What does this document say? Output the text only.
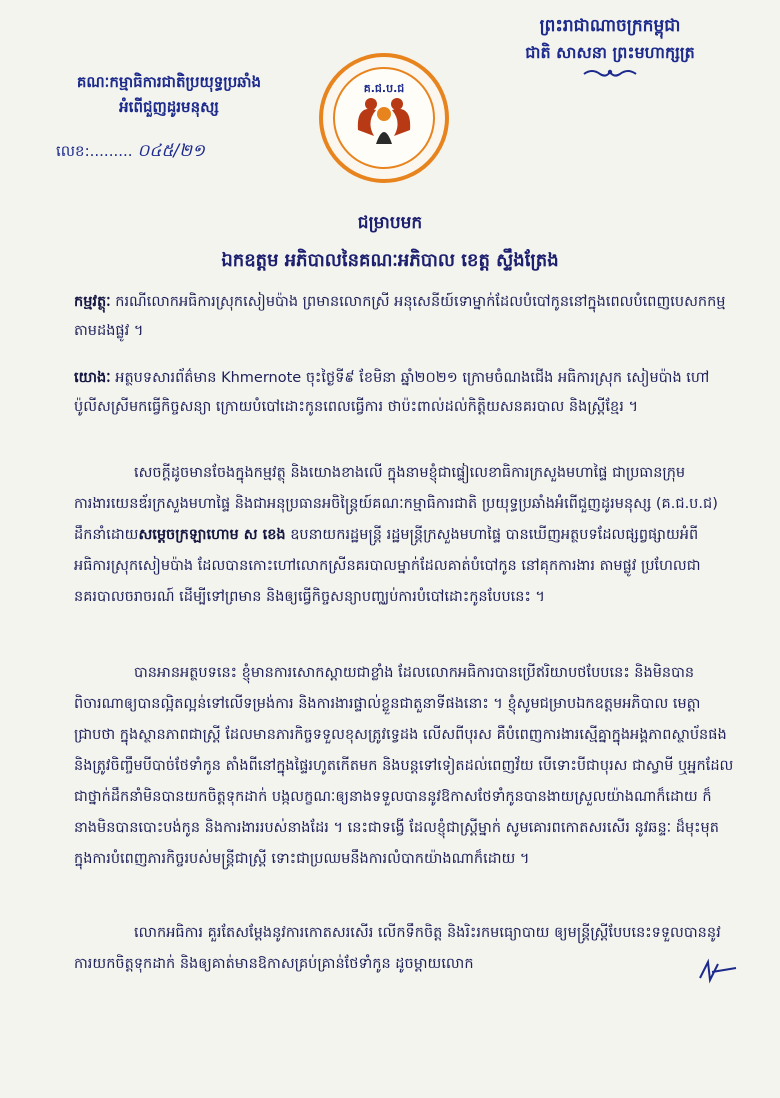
ព្រះរាជាណាចក្រកម្ពុជា
ជាតិ សាសនា ព្រះមហាក្សត្រ
គណៈកម្មាធិការជាតិប្រយុទ្ធប្រឆាំង
អំពើជួញដូរមនុស្ស
លេខ:......... ០៤៥/២១
គ.ជ.ប.ជ
ជម្រាបមក
ឯកឧត្តម អភិបាលនៃគណៈអភិបាល ខេត្ត ស្ទឹងត្រែង
កម្មវត្ថុៈ ករណីលោកអធិការស្រុកសៀមប៉ាង ព្រមានលោកស្រី អនុសេនីយ៍ទោម្នាក់ដែលបំបៅកូននៅក្នុងពេលបំពេញបេសកកម្ម តាមដងផ្លូវ ។
យោងៈ អត្ថបទសារព័ត៌មាន Khmernote ចុះថ្ងៃទី៩ ខែមិនា ឆ្នាំ២០២១ ក្រោមចំណងជើង អធិការស្រុក សៀមប៉ាង ហៅប៉ូលីសស្រីមកធ្វើកិច្ចសន្យា ក្រោយបំបៅដោះកូនពេលធ្វើការ ថាប៉ះពាល់ដល់កិត្តិយសនគរបាល និងស្ត្រីខ្មែរ ។
សេចក្តីដូចមានចែងក្នុងកម្មវត្ថុ និងយោងខាងលើ ក្នុងនាមខ្ញុំជាផ្ទៀលេខាធិការក្រសួងមហាផ្ទៃ ជាប្រធានក្រុមការងារយេនឌ័រក្រសួងមហាផ្ទៃ និងជាអនុប្រធានអចិន្ត្រៃយ៍គណៈកម្មាធិការជាតិ ប្រយុទ្ធប្រឆាំងអំពើជួញដូរមនុស្ស (គ.ជ.ប.ជ) ដឹកនាំដោយសម្តេចក្រឡាហោម ស ខេង ឧបនាយករដ្ឋមន្ត្រី រដ្ឋមន្ត្រីក្រសួងមហាផ្ទៃ បានឃើញអត្ថបទដែលផ្សព្វផ្សាយអំពី អធិការស្រុកសៀមប៉ាង ដែលបានកោះហៅលោកស្រីនគរបាលម្នាក់ដែលគាត់បំបៅកូន នៅគុកការងារ តាមផ្លូវ ប្រហែលជានគរបាលចរាចរណ៍ ដើម្បីទៅព្រមាន និងឲ្យធ្វើកិច្ចសន្យាបញ្ឈប់ការបំបៅដោះកូនបែបនេះ ។
បានអានអត្ថបទនេះ ខ្ញុំមានការសោកស្តាយជាខ្លាំង ដែលលោកអធិការបានប្រើឥរិយាបថបែបនេះ និងមិនបានពិចារណាឲ្យបានល្អិតល្អន់ទៅលើទម្រង់ការ និងការងារផ្ទាល់ខ្លួនជាតួនាទីផងនោះ ។ ខ្ញុំសូមជម្រាបឯកឧត្តមអភិបាល មេត្តាជ្រាបថា ក្នុងស្ថានភាពជាស្ត្រី ដែលមានភារកិច្ចទទួលខុសត្រូវទ្វេដង លើសពីបុរស គឺបំពេញការងារស្មើគ្នាក្នុងអង្គភាពស្ថាប័នផង និងត្រូវចិញ្ចឹមបីបាច់ថែទាំកូន តាំងពីនៅក្នុងផ្ទៃរហូតកើតមក និងបន្តទៅទៀតដល់ពេញវ័យ បើទោះបីជាបុរស ជាស្វាមី ឬអ្នកដែលជាថ្នាក់ដឹកនាំមិនបានយកចិត្តទុកដាក់ បង្កលក្ខណៈឲ្យនាងទទួលបាននូវឱកាសថែទាំកូនបានងាយស្រួលយ៉ាងណាក៏ដោយ ក៏នាងមិនបានបោះបង់កូន និងការងាររបស់នាងដែរ ។ នេះជាទង្វើ ដែលខ្ញុំជាស្ត្រីម្នាក់ សូមគោរពកោតសរសើរ នូវឆន្ទៈ ដ៏មុះមុត ក្នុងការបំពេញភារកិច្ចរបស់មន្ត្រីជាស្ត្រី ទោះជាប្រឈមនឹងការលំបាកយ៉ាងណាក៏ដោយ ។
លោកអធិការ គួរតែសម្តែងនូវការកោតសរសើរ លើកទឹកចិត្ត និងរិះរកមធ្យោបាយ ឲ្យមន្ត្រីស្ត្រីបែបនេះទទួលបាននូវការយកចិត្តទុកដាក់ និងឲ្យគាត់មានឱកាសគ្រប់គ្រាន់ថែទាំកូន ដូចម្តាយលោក
